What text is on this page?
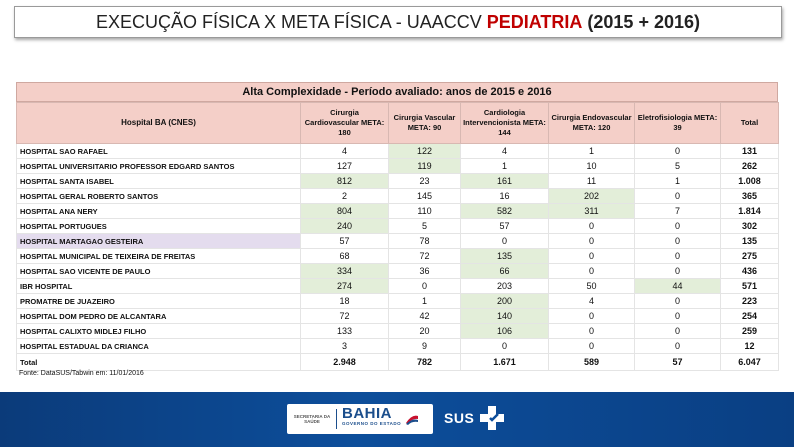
EXECUÇÃO FÍSICA X META FÍSICA - UAACCV PEDIATRIA (2015 + 2016)
Alta Complexidade - Período avaliado: anos de 2015 e 2016
Hospital BA (CNES)	Cirurgia Cardiovascular META: 180	Cirurgia Vascular META: 90	Cardiologia Intervencionista META: 144	Cirurgia Endovascular META: 120	Eletrofisiologia META: 39	Total
HOSPITAL SAO RAFAEL	4	122	4	1	0	131
HOSPITAL UNIVERSITARIO PROFESSOR EDGARD SANTOS	127	119	1	10	5	262
HOSPITAL SANTA ISABEL	812	23	161	11	1	1.008
HOSPITAL GERAL ROBERTO SANTOS	2	145	16	202	0	365
HOSPITAL ANA NERY	804	110	582	311	7	1.814
HOSPITAL PORTUGUES	240	5	57	0	0	302
HOSPITAL MARTAGAO GESTEIRA	57	78	0	0	0	135
HOSPITAL MUNICIPAL DE TEIXEIRA DE FREITAS	68	72	135	0	0	275
HOSPITAL SAO VICENTE DE PAULO	334	36	66	0	0	436
IBR HOSPITAL	274	0	203	50	44	571
PROMATRE DE JUAZEIRO	18	1	200	4	0	223
HOSPITAL DOM PEDRO DE ALCANTARA	72	42	140	0	0	254
HOSPITAL CALIXTO MIDLEJ FILHO	133	20	106	0	0	259
HOSPITAL ESTADUAL DA CRIANCA	3	9	0	0	0	12
Total	2.948	782	1.671	589	57	6.047
Fonte: DataSUS/Tabwin em: 11/01/2016
SECRETARIA DA SAÚDE	BAHIA
GOVERNO DO ESTADO	SUS
